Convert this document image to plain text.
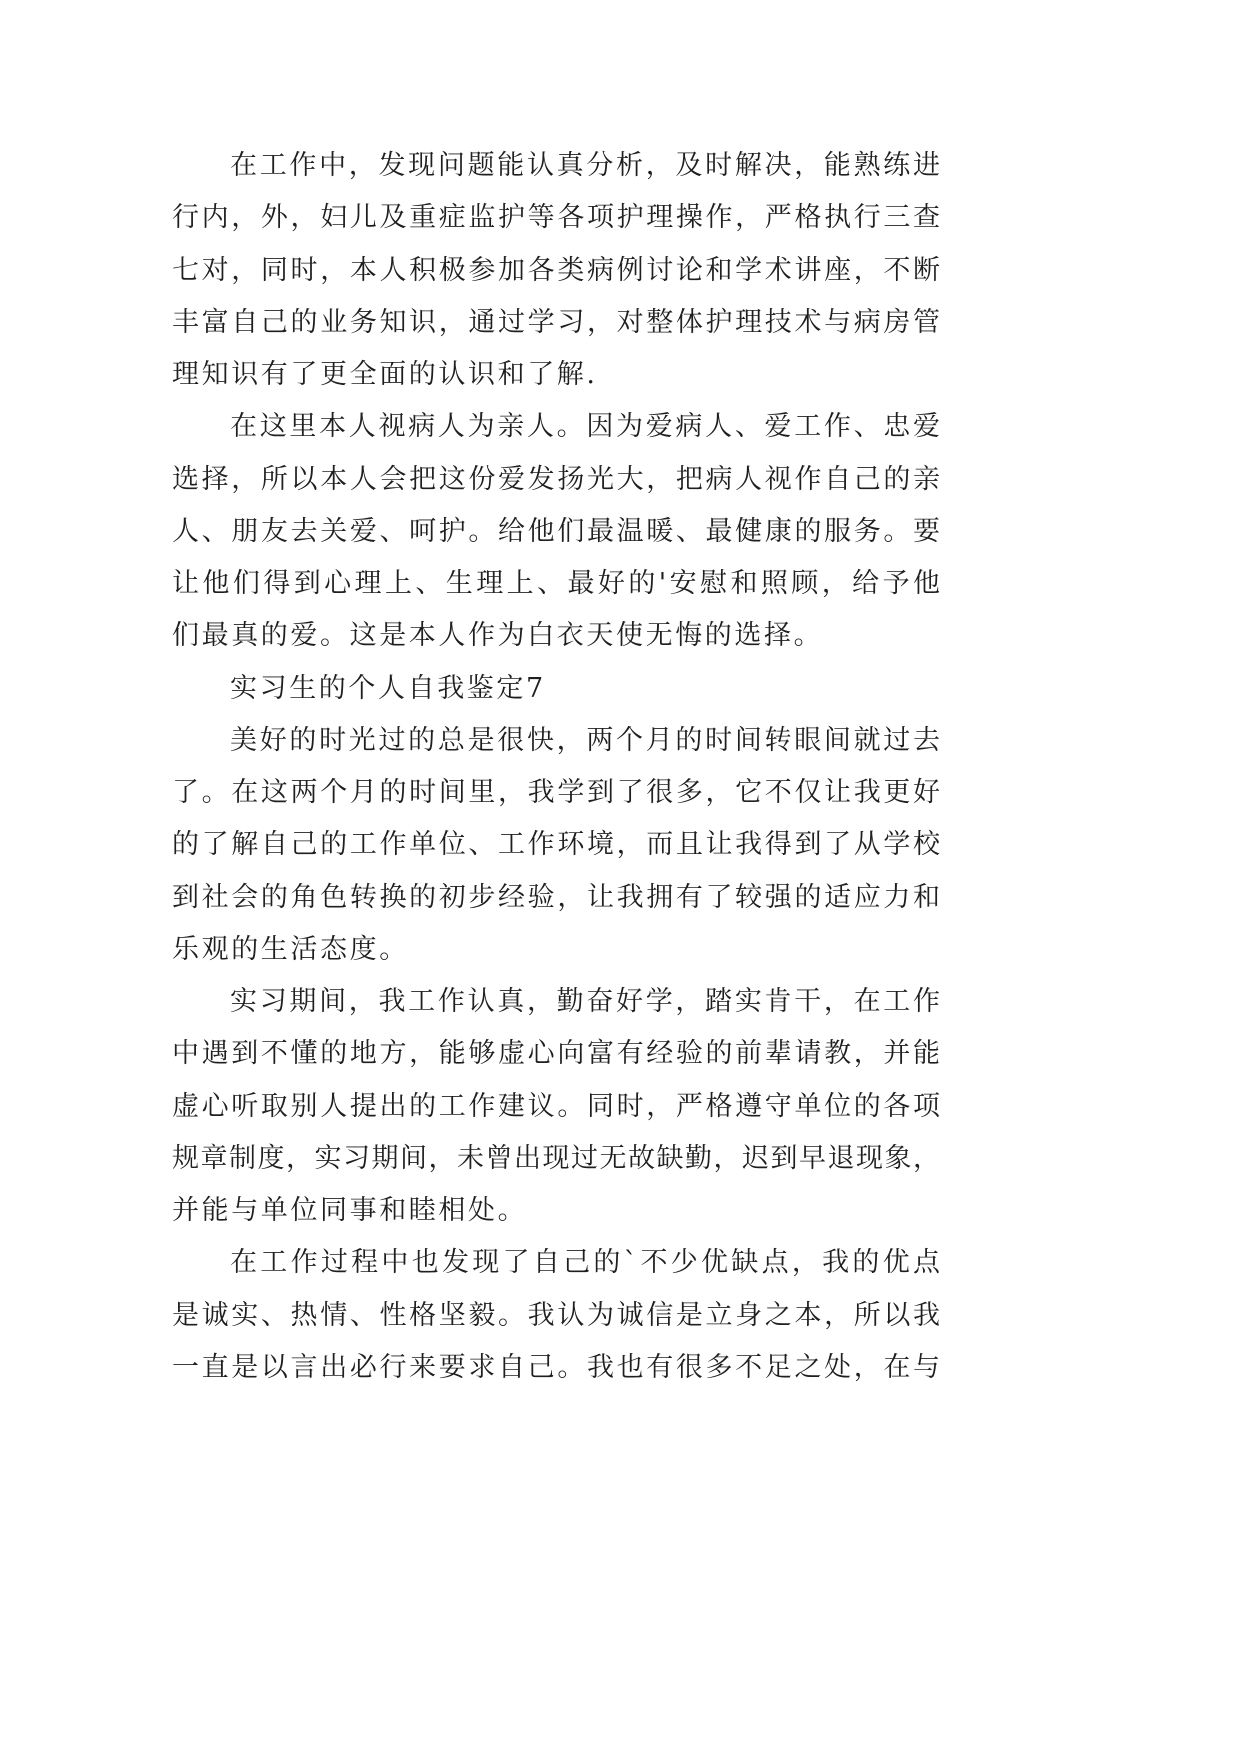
在工作中，发现问题能认真分析，及时解决，能熟练进
行内，外，妇儿及重症监护等各项护理操作，严格执行三查
七对，同时，本人积极参加各类病例讨论和学术讲座，不断
丰富自己的业务知识，通过学习，对整体护理技术与病房管
理知识有了更全面的认识和了解.
在这里本人视病人为亲人。因为爱病人、爱工作、忠爱
选择，所以本人会把这份爱发扬光大，把病人视作自己的亲
人、朋友去关爱、呵护。给他们最温暖、最健康的服务。要
让他们得到心理上、生理上、最好的'安慰和照顾，给予他
们最真的爱。这是本人作为白衣天使无悔的选择。
实习生的个人自我鉴定7
美好的时光过的总是很快，两个月的时间转眼间就过去
了。在这两个月的时间里，我学到了很多，它不仅让我更好
的了解自己的工作单位、工作环境，而且让我得到了从学校
到社会的角色转换的初步经验，让我拥有了较强的适应力和
乐观的生活态度。
实习期间，我工作认真，勤奋好学，踏实肯干，在工作
中遇到不懂的地方，能够虚心向富有经验的前辈请教，并能
虚心听取别人提出的工作建议。同时，严格遵守单位的各项
规章制度，实习期间，未曾出现过无故缺勤，迟到早退现象，
并能与单位同事和睦相处。
在工作过程中也发现了自己的`不少优缺点，我的优点
是诚实、热情、性格坚毅。我认为诚信是立身之本，所以我
一直是以言出必行来要求自己。我也有很多不足之处，在与
